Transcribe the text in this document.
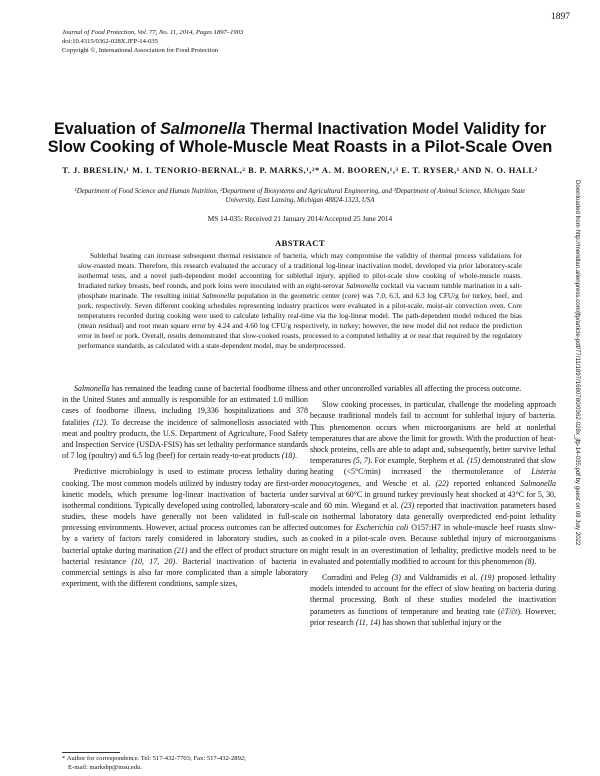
1897
Journal of Food Protection, Vol. 77, No. 11, 2014, Pages 1897–1903
doi:10.4315/0362-028X.JFP-14-035
Copyright ©, International Association for Food Protection
Evaluation of Salmonella Thermal Inactivation Model Validity for Slow Cooking of Whole-Muscle Meat Roasts in a Pilot-Scale Oven
T. J. BRESLIN,¹ M. I. TENORIO-BERNAL,² B. P. MARKS,¹,²* A. M. BOOREN,¹,³ E. T. RYSER,¹ AND N. O. HALL²
¹Department of Food Science and Human Nutrition, ²Department of Biosystems and Agricultural Engineering, and ³Department of Animal Science, Michigan State University, East Lansing, Michigan 48824-1323, USA
MS 14-035: Received 21 January 2014/Accepted 25 June 2014
ABSTRACT
Sublethal heating can increase subsequent thermal resistance of bacteria, which may compromise the validity of thermal process validations for slow-roasted meats. Therefore, this research evaluated the accuracy of a traditional log-linear inactivation model, developed via prior laboratory-scale isothermal tests, and a novel path-dependent model accounting for sublethal injury, applied to pilot-scale slow cooking of whole-muscle roasts. Irradiated turkey breasts, beef rounds, and pork loins were inoculated with an eight-serovar Salmonella cocktail via vacuum tumble marination in a salt-phosphate marinade. The resulting initial Salmonella population in the geometric center (core) was 7.0, 6.3, and 6.3 log CFU/g for turkey, beef, and pork, respectively. Seven different cooking schedules representing industry practices were evaluated in a pilot-scale, moist-air convection oven. Core temperatures recorded during cooking were used to calculate lethality real-time via the log-linear model. The path-dependent model reduced the bias (mean residual) and root mean square error by 4.24 and 4.60 log CFU/g respectively, in turkey; however, the new model did not reduce the prediction error in beef or pork. Overall, results demonstrated that slow-cooked roasts, processed to a computed lethality at or near that required by the regulatory performance standards, as calculated with a state-dependent model, may be underprocessed.

Salmonella has remained the leading cause of bacterial foodborne illness in the United States and annually is responsible for an estimated 1.0 million cases of foodborne illness, including 19,336 hospitalizations and 378 fatalities (12). To decrease the incidence of salmonellosis associated with meat and poultry products, the U.S. Department of Agriculture, Food Safety and Inspection Service (USDA-FSIS) has set lethality performance standards of 7 log (poultry) and 6.5 log (beef) for certain ready-to-eat products (18).

Predictive microbiology is used to estimate process lethality during cooking. The most common models utilized by industry today are first-order kinetic models, which presume log-linear inactivation of bacteria under isothermal conditions. Typically developed using controlled, laboratory-scale studies, these models have generally not been validated in full-scale processing environments. However, actual process outcomes can be affected by a variety of factors rarely considered in laboratory studies, such as bacterial uptake during marination (21) and the effect of product structure on bacterial resistance (10, 17, 20). Bacterial inactivation of bacteria in commercial settings is also far more complicated than a simple laboratory experiment, with the different conditions, sample sizes,

and other uncontrolled variables all affecting the process outcome.

Slow cooking processes, in particular, challenge the modeling approach because traditional models fail to account for sublethal injury of bacteria. This phenomenon occurs when microorganisms are held at nonlethal temperatures that are above the limit for growth. With the production of heat-shock proteins, cells are able to adapt and, subsequently, better survive lethal temperatures (5, 7). For example, Stephens et al. (15) demonstrated that slow heating (<5°C/min) increased the thermotolerance of Listeria monocytogenes, and Wesche et al. (22) reported enhanced Salmonella survival at 60°C in ground turkey previously heat shocked at 43°C for 5, 30, and 60 min. Wiegand et al. (23) reported that inactivation parameters based on isothermal laboratory data generally overpredicted end-point lethality outcomes for Escherichia coli O157:H7 in whole-muscle beef roasts slow-cooked in a pilot-scale oven. Because sublethal injury of microorganisms might result in an overestimation of lethality, predictive models need to be evaluated and potentially modified to account for this phenomenon (8).

Corradini and Peleg (3) and Valdramidis et al. (19) proposed lethality models intended to account for the effect of slow heating on bacteria during thermal processing. Both of these studies modeled the inactivation parameters as functions of temperature and heating rate (∂T/∂t). However, prior research (11, 14) has shown that sublethal injury or the

* Author for correspondence. Tel: 517-432-7703; Fax: 517-432-2892;
E-mail: marksbp@msu.edu.
Downloaded from http://meridian.allenpress.com/jfp/article-pdf/77/11/1897/1680780/0362-028x_jfp-14-035.pdf by guest on 08 July 2022
